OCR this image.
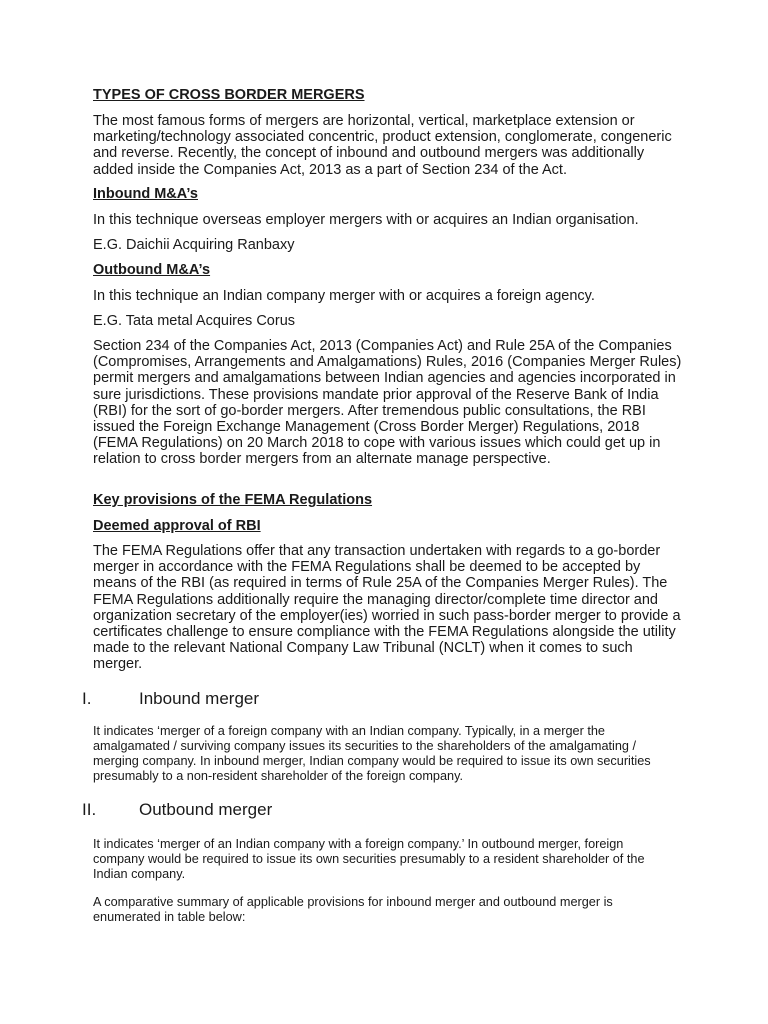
TYPES OF CROSS BORDER MERGERS

The most famous forms of mergers are horizontal, vertical, marketplace extension or marketing/technology associated concentric, product extension, conglomerate, congeneric and reverse. Recently, the concept of inbound and outbound mergers was additionally added inside the Companies Act, 2013 as a part of Section 234 of the Act.

Inbound M&A’s

In this technique overseas employer mergers with or acquires an Indian organisation.

E.G. Daichii Acquiring Ranbaxy

Outbound M&A’s

In this technique an Indian company merger with or acquires a foreign agency.

E.G. Tata metal Acquires Corus

Section 234 of the Companies Act, 2013 (Companies Act) and Rule 25A of the Companies (Compromises, Arrangements and Amalgamations) Rules, 2016 (Companies Merger Rules) permit mergers and amalgamations between Indian agencies and agencies incorporated in sure jurisdictions. These provisions mandate prior approval of the Reserve Bank of India (RBI) for the sort of go-border mergers. After tremendous public consultations, the RBI issued the Foreign Exchange Management (Cross Border Merger) Regulations, 2018 (FEMA Regulations) on 20 March 2018 to cope with various issues which could get up in relation to cross border mergers from an alternate manage perspective.

Key provisions of the FEMA Regulations

Deemed approval of RBI

The FEMA Regulations offer that any transaction undertaken with regards to a go-border merger in accordance with the FEMA Regulations shall be deemed to be accepted by means of the RBI (as required in terms of Rule 25A of the Companies Merger Rules). The FEMA Regulations additionally require the managing director/complete time director and organization secretary of the employer(ies) worried in such pass-border merger to provide a certificates challenge to ensure compliance with the FEMA Regulations alongside the utility made to the relevant National Company Law Tribunal (NCLT) when it comes to such merger.

I.	Inbound merger

It indicates ‘merger of a foreign company with an Indian company. Typically, in a merger the amalgamated / surviving company issues its securities to the shareholders of the amalgamating / merging company. In inbound merger, Indian company would be required to issue its own securities presumably to a non-resident shareholder of the foreign company.

II.	Outbound merger

It indicates ‘merger of an Indian company with a foreign company.’ In outbound merger, foreign company would be required to issue its own securities presumably to a resident shareholder of the Indian company.

A comparative summary of applicable provisions for inbound merger and outbound merger is enumerated in table below:
